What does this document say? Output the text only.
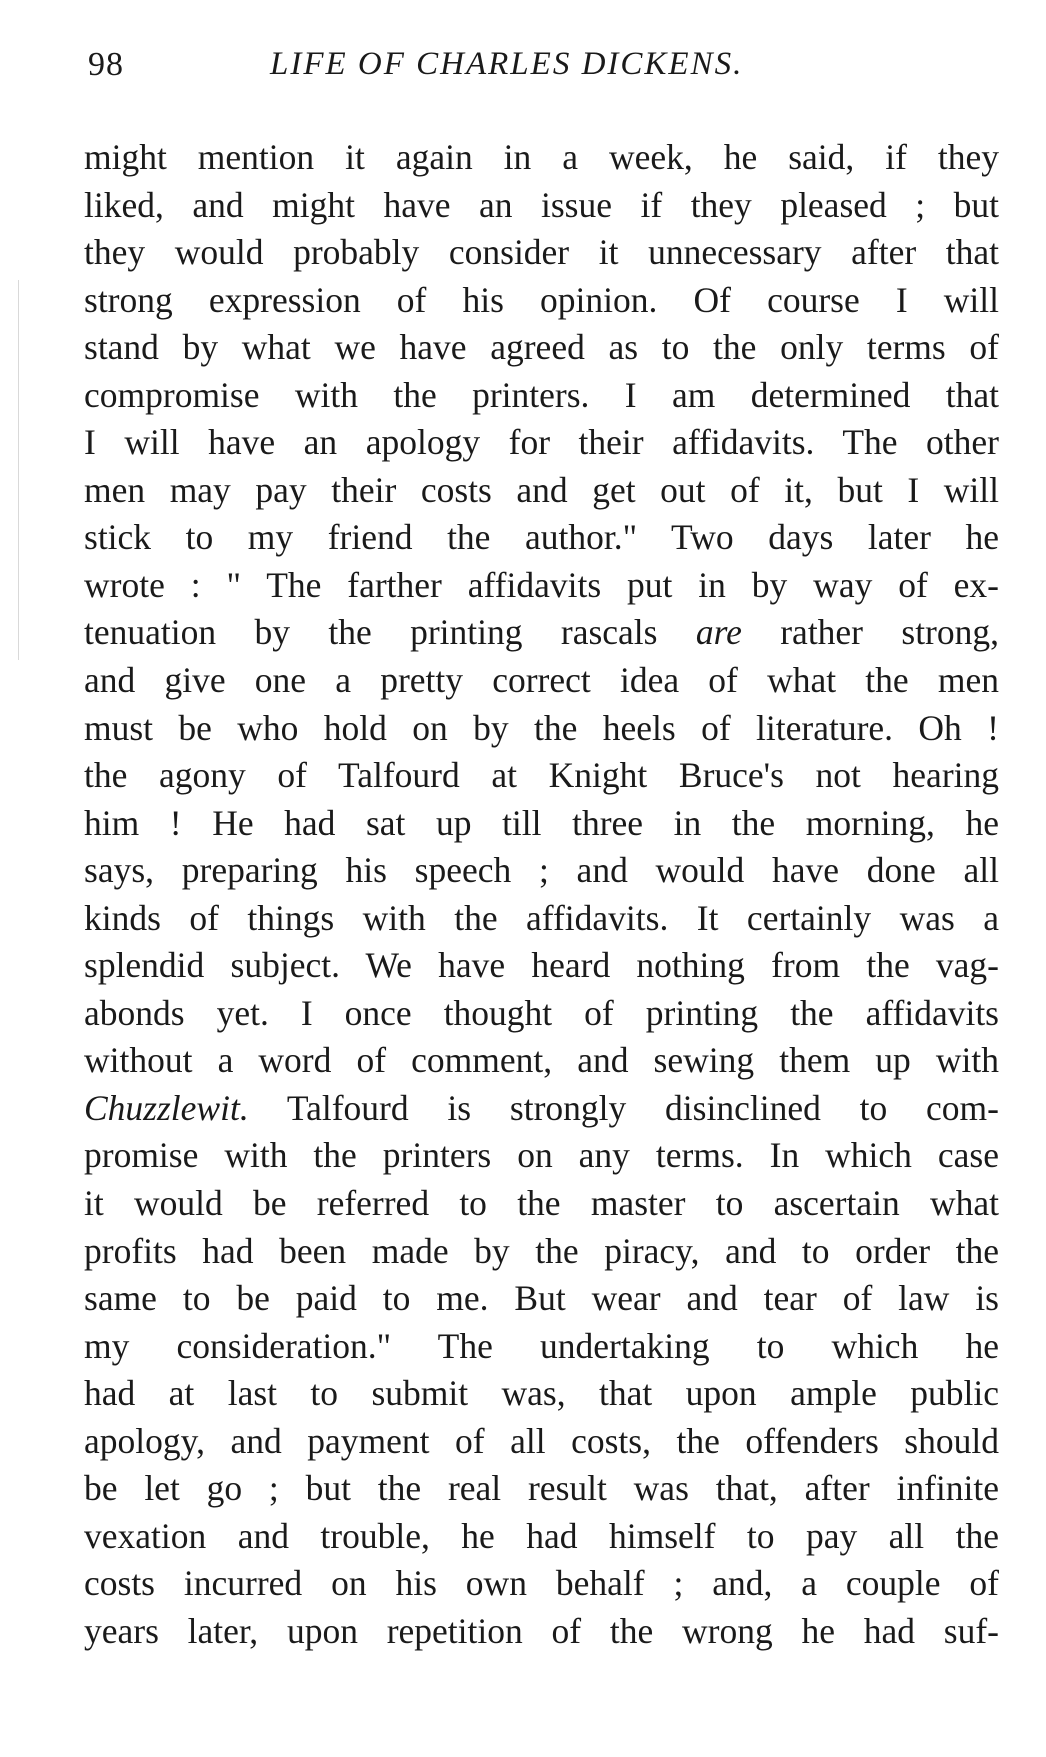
98	LIFE OF CHARLES DICKENS.
might mention it again in a week, he said, if they
liked, and might have an issue if they pleased ; but
they would probably consider it unnecessary after that
strong expression of his opinion. Of course I will
stand by what we have agreed as to the only terms of
compromise with the printers. I am determined that
I will have an apology for their affidavits. The other
men may pay their costs and get out of it, but I will
stick to my friend the author." Two days later he
wrote : " The farther affidavits put in by way of ex-
tenuation by the printing rascals are rather strong,
and give one a pretty correct idea of what the men
must be who hold on by the heels of literature. Oh !
the agony of Talfourd at Knight Bruce's not hearing
him ! He had sat up till three in the morning, he
says, preparing his speech ; and would have done all
kinds of things with the affidavits. It certainly was a
splendid subject. We have heard nothing from the vag-
abonds yet. I once thought of printing the affidavits
without a word of comment, and sewing them up with
Chuzzlewit. Talfourd is strongly disinclined to com-
promise with the printers on any terms. In which case
it would be referred to the master to ascertain what
profits had been made by the piracy, and to order the
same to be paid to me. But wear and tear of law is
my consideration." The undertaking to which he
had at last to submit was, that upon ample public
apology, and payment of all costs, the offenders should
be let go ; but the real result was that, after infinite
vexation and trouble, he had himself to pay all the
costs incurred on his own behalf ; and, a couple of
years later, upon repetition of the wrong he had suf-
